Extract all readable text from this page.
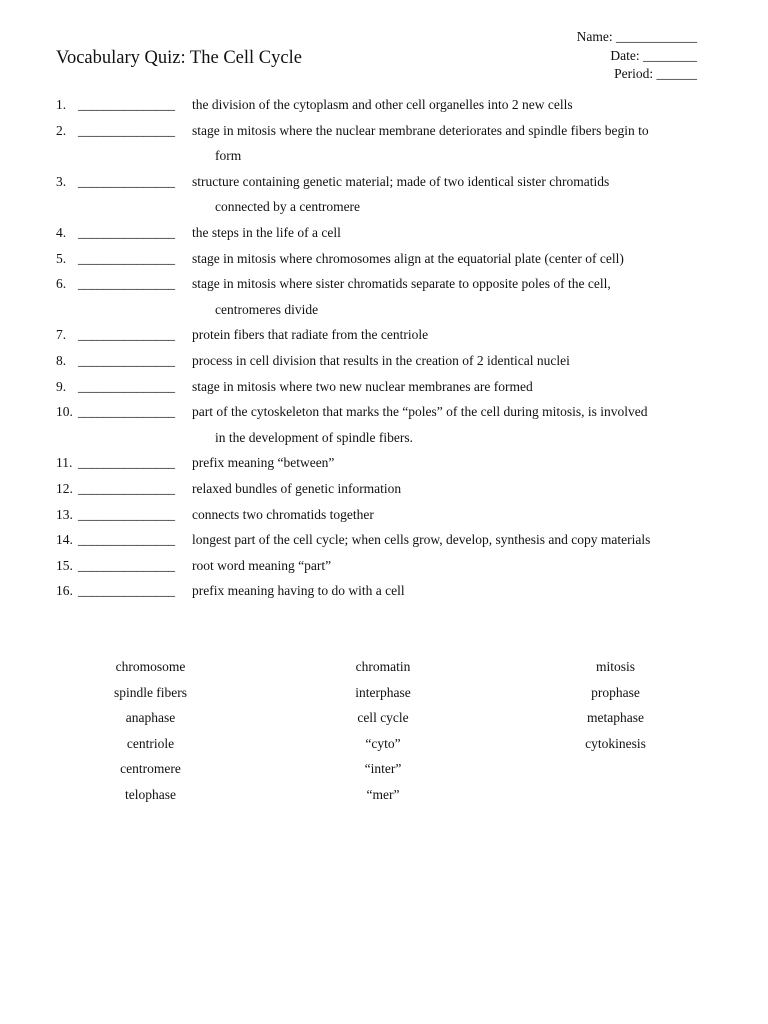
Name: ____________
Date: ________
Period: ______
Vocabulary Quiz: The Cell Cycle
1. _______________	the division of the cytoplasm and other cell organelles into 2 new cells
2. _______________	stage in mitosis where the nuclear membrane deteriorates and spindle fibers begin to
form
3. _______________	structure containing genetic material; made of two identical sister chromatids
connected by a centromere
4. _______________	the steps in the life of a cell
5. _______________	stage in mitosis where chromosomes align at the equatorial plate (center of cell)
6. _______________	stage in mitosis where sister chromatids separate to opposite poles of the cell,
centromeres divide
7. _______________	protein fibers that radiate from the centriole
8. _______________	process in cell division that results in the creation of 2 identical nuclei
9. _______________	stage in mitosis where two new nuclear membranes are formed
10. _______________	part of the cytoskeleton that marks the “poles” of the cell during mitosis, is involved
in the development of spindle fibers.
11. _______________	prefix meaning “between”
12. _______________	relaxed bundles of genetic information
13. _______________	connects two chromatids together
14. _______________	longest part of the cell cycle; when cells grow, develop, synthesis and copy materials
15. _______________	root word meaning “part”
16. _______________	prefix meaning having to do with a cell
chromosome
spindle fibers
anaphase
centriole
centromere
telophase
chromatin
interphase
cell cycle
“cyto”
“inter”
“mer”
mitosis
prophase
metaphase
cytokinesis
